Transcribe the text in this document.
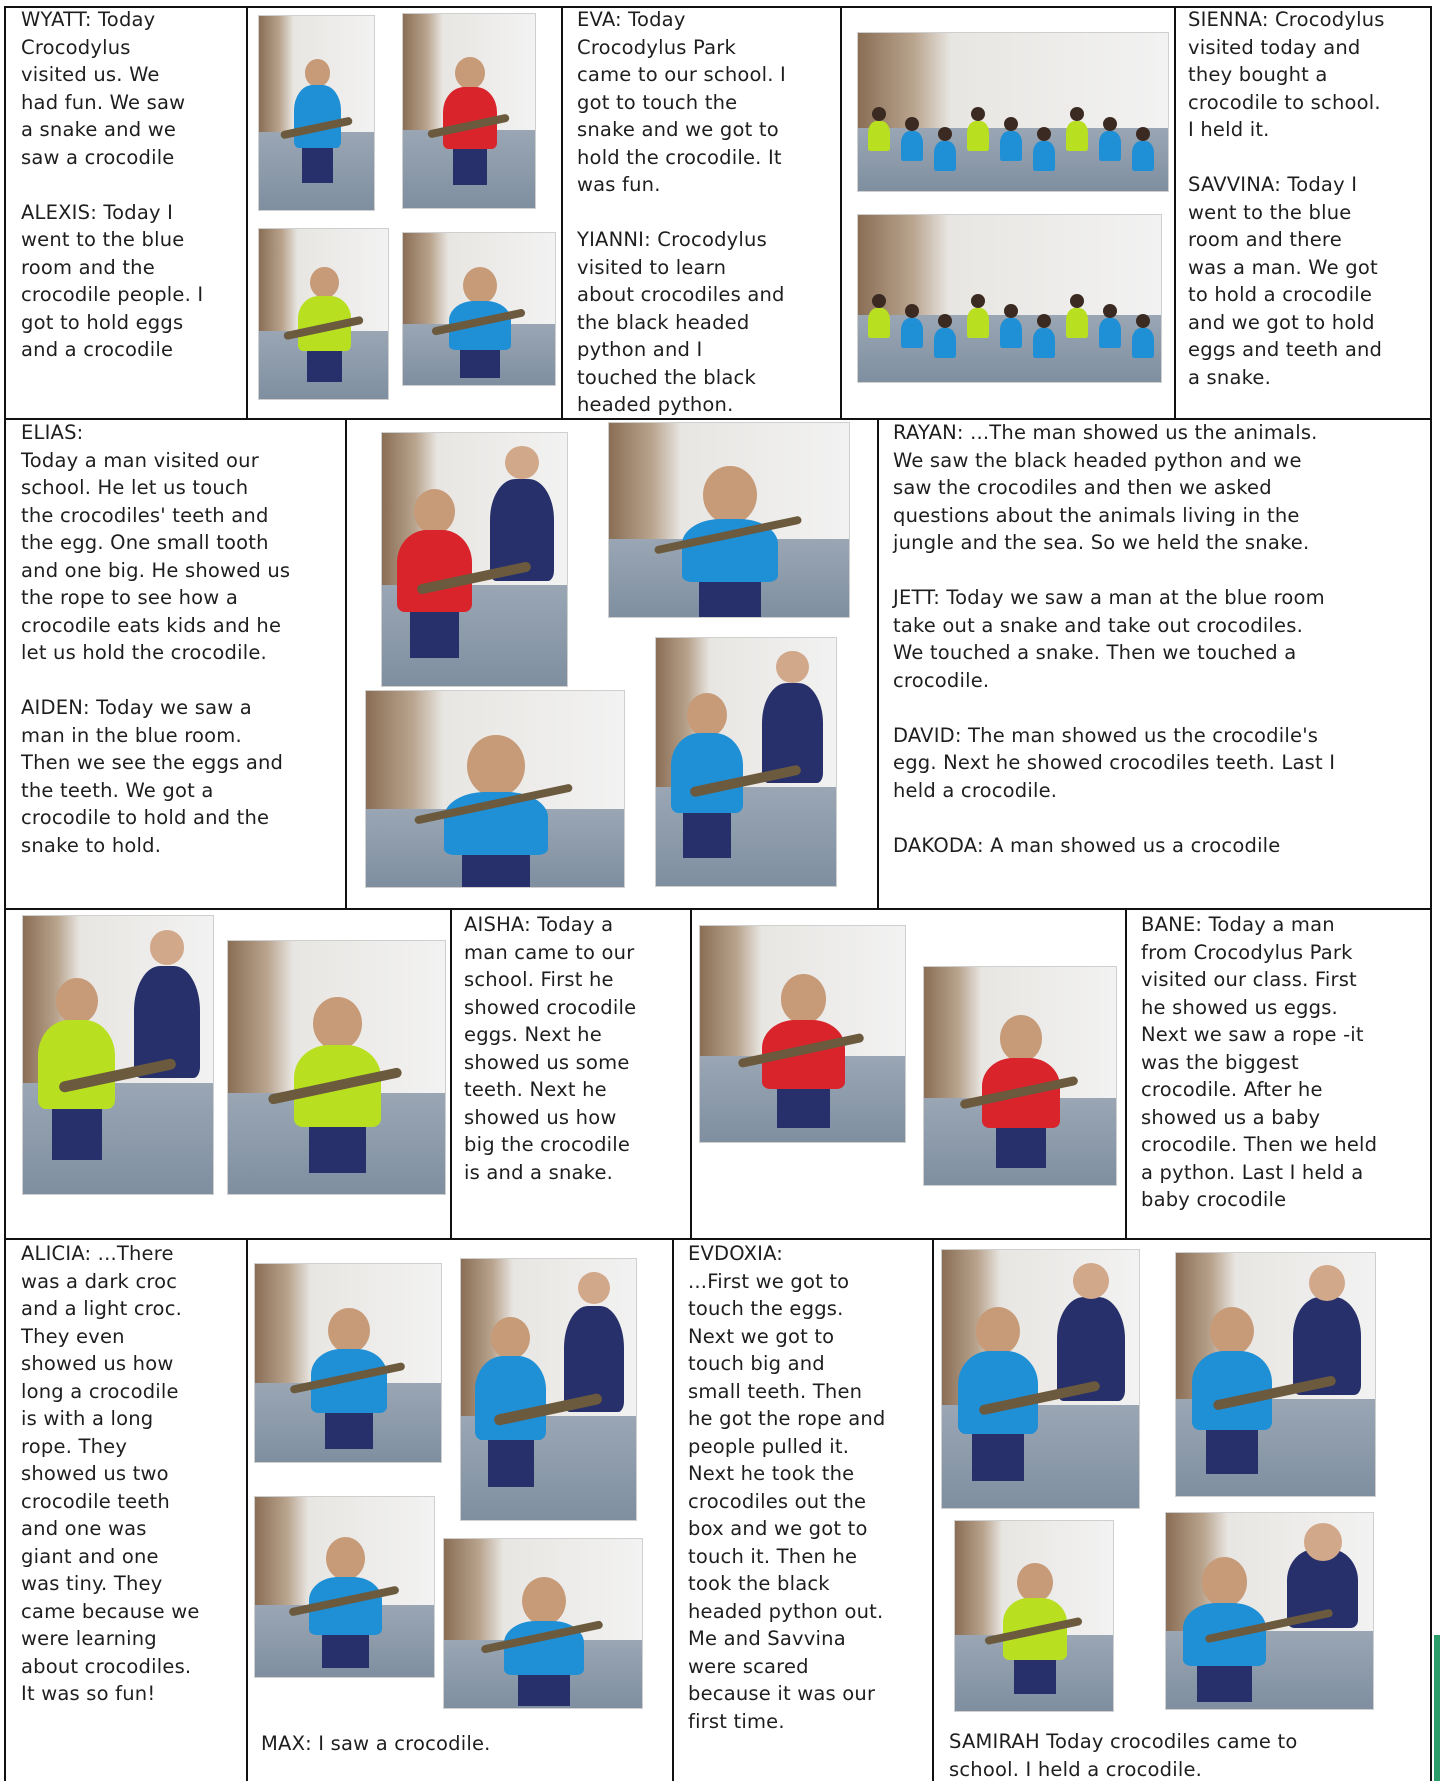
WYATT: Today
Crocodylus
visited us. We
had fun. We saw
a snake and we
saw a crocodile

ALEXIS: Today I
went to the blue
room and the
crocodile people. I
got to hold eggs
and a crocodile
EVA: Today
Crocodylus Park
came to our school. I
got to touch the
snake and we got to
hold the crocodile. It
was fun.

YIANNI: Crocodylus
visited to learn
about crocodiles and
the black headed
python and I
touched the black
headed python.
SIENNA: Crocodylus
visited today and
they bought a
crocodile to school.
I held it.

SAVVINA: Today I
went to the blue
room and there
was a man. We got
to hold a crocodile
and we got to hold
eggs and teeth and
a snake.
ELIAS:
Today a man visited our
school. He let us touch
the crocodiles' teeth and
the egg. One small tooth
and one big. He showed us
the rope to see how a
crocodile eats kids and he
let us hold the crocodile.

AIDEN: Today we saw a
man in the blue room.
Then we see the eggs and
the teeth. We got a
crocodile to hold and the
snake to hold.
RAYAN: ...The man showed us the animals.
We saw the black headed python and we
saw the crocodiles and then we asked
questions about the animals living in the
jungle and the sea. So we held the snake.

JETT: Today we saw a man at the blue room
take out a snake and take out crocodiles.
We touched a snake. Then we touched a
crocodile.

DAVID: The man showed us the crocodile's
egg. Next he showed crocodiles teeth. Last I
held a crocodile.

DAKODA: A man showed us a crocodile
AISHA: Today a
man came to our
school. First he
showed crocodile
eggs. Next he
showed us some
teeth. Next he
showed us how
big the crocodile
is and a snake.
BANE: Today a man
from Crocodylus Park
visited our class. First
he showed us eggs.
Next we saw a rope -it
was the biggest
crocodile. After he
showed us a baby
crocodile. Then we held
a python. Last I held a
baby crocodile
ALICIA: ...There
was a dark croc
and a light croc.
They even
showed us how
long a crocodile
is with a long
rope. They
showed us two
crocodile teeth
and one was
giant and one
was tiny. They
came because we
were learning
about crocodiles.
It was so fun!
MAX: I saw a crocodile.
EVDOXIA:
...First we got to
touch the eggs.
Next we got to
touch big and
small teeth. Then
he got the rope and
people pulled it.
Next he took the
crocodiles out the
box and we got to
touch it. Then he
took the black
headed python out.
Me and Savvina
were scared
because it was our
first time.
SAMIRAH Today crocodiles came to
school. I held a crocodile.
